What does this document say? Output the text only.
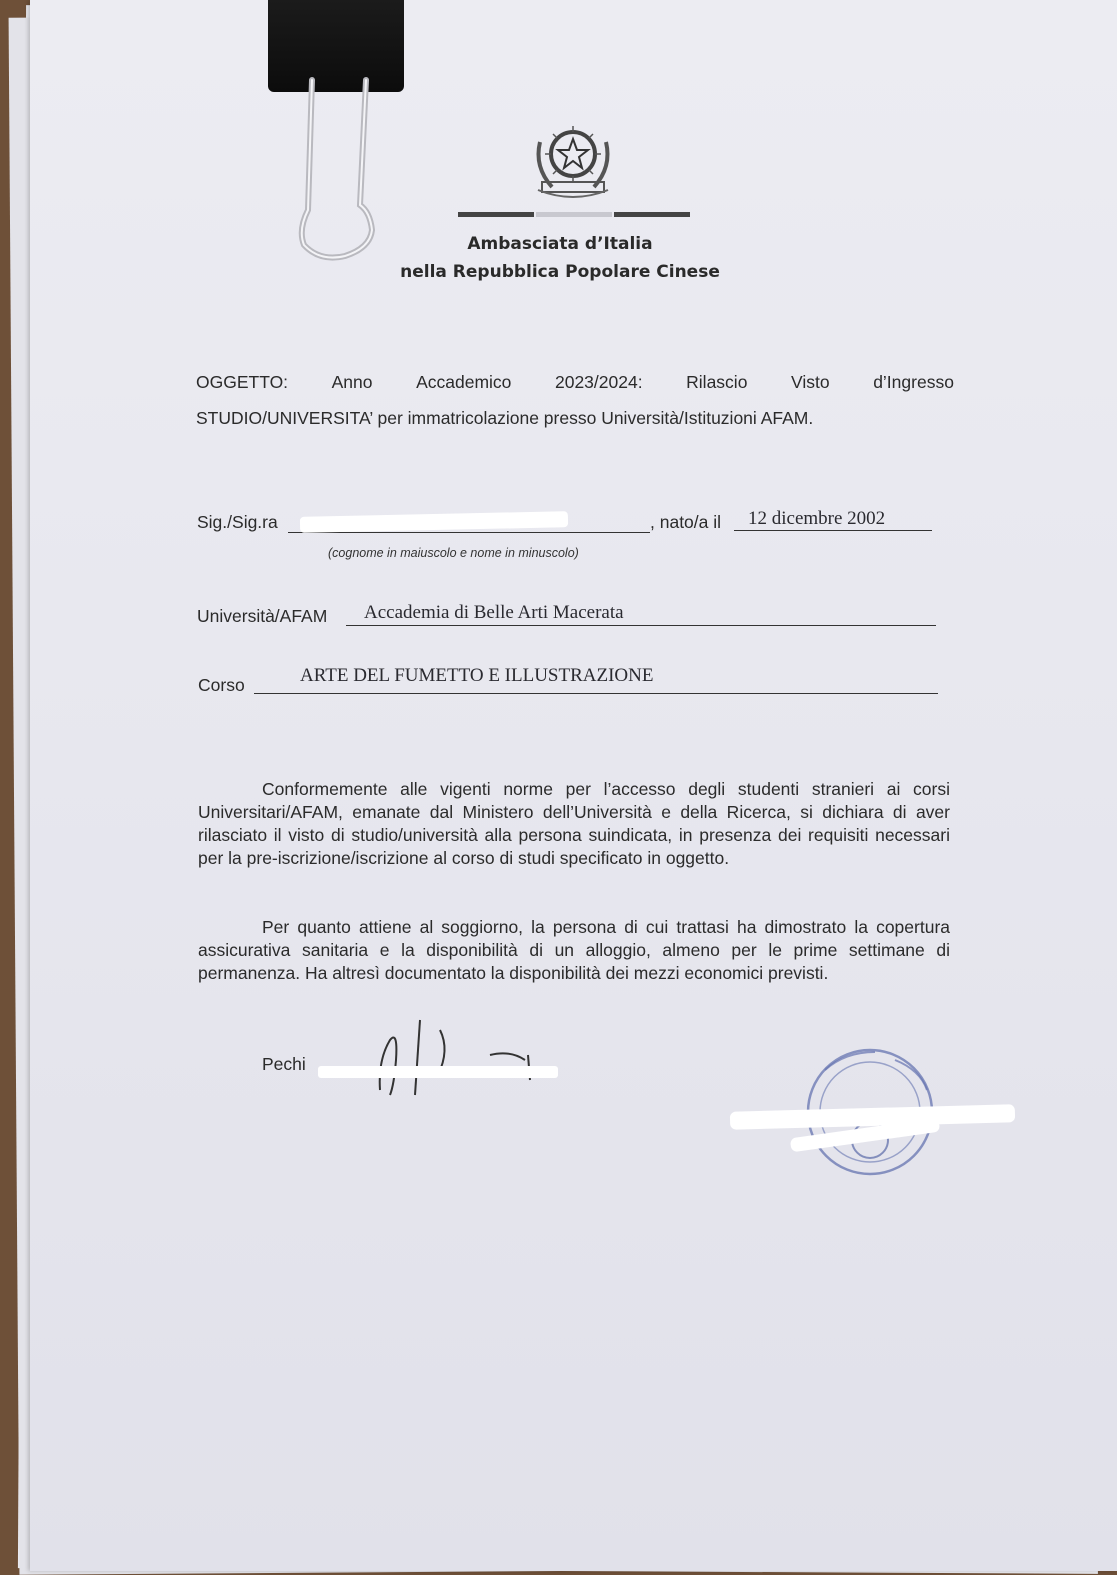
Ambasciata d’Italia
nella Repubblica Popolare Cinese
OGGETTO: Anno Accademico 2023/2024: Rilascio Visto d’Ingresso
STUDIO/UNIVERSITA’ per immatricolazione presso Università/Istituzioni AFAM.
Sig./Sig.ra	, nato/a il 12 dicembre 2002
(cognome in maiuscolo e nome in minuscolo)
Università/AFAM Accademia di Belle Arti Macerata
Corso	ARTE DEL FUMETTO E ILLUSTRAZIONE
Conformemente alle vigenti norme per l’accesso degli studenti stranieri ai corsi Universitari/AFAM, emanate dal Ministero dell’Università e della Ricerca, si dichiara di aver rilasciato il visto di studio/università alla persona suindicata, in presenza dei requisiti necessari per la pre-iscrizione/iscrizione al corso di studi specificato in oggetto.
Per quanto attiene al soggiorno, la persona di cui trattasi ha dimostrato la copertura assicurativa sanitaria e la disponibilità di un alloggio, almeno per le prime settimane di permanenza. Ha altresì documentato la disponibilità dei mezzi economici previsti.
Pechi
